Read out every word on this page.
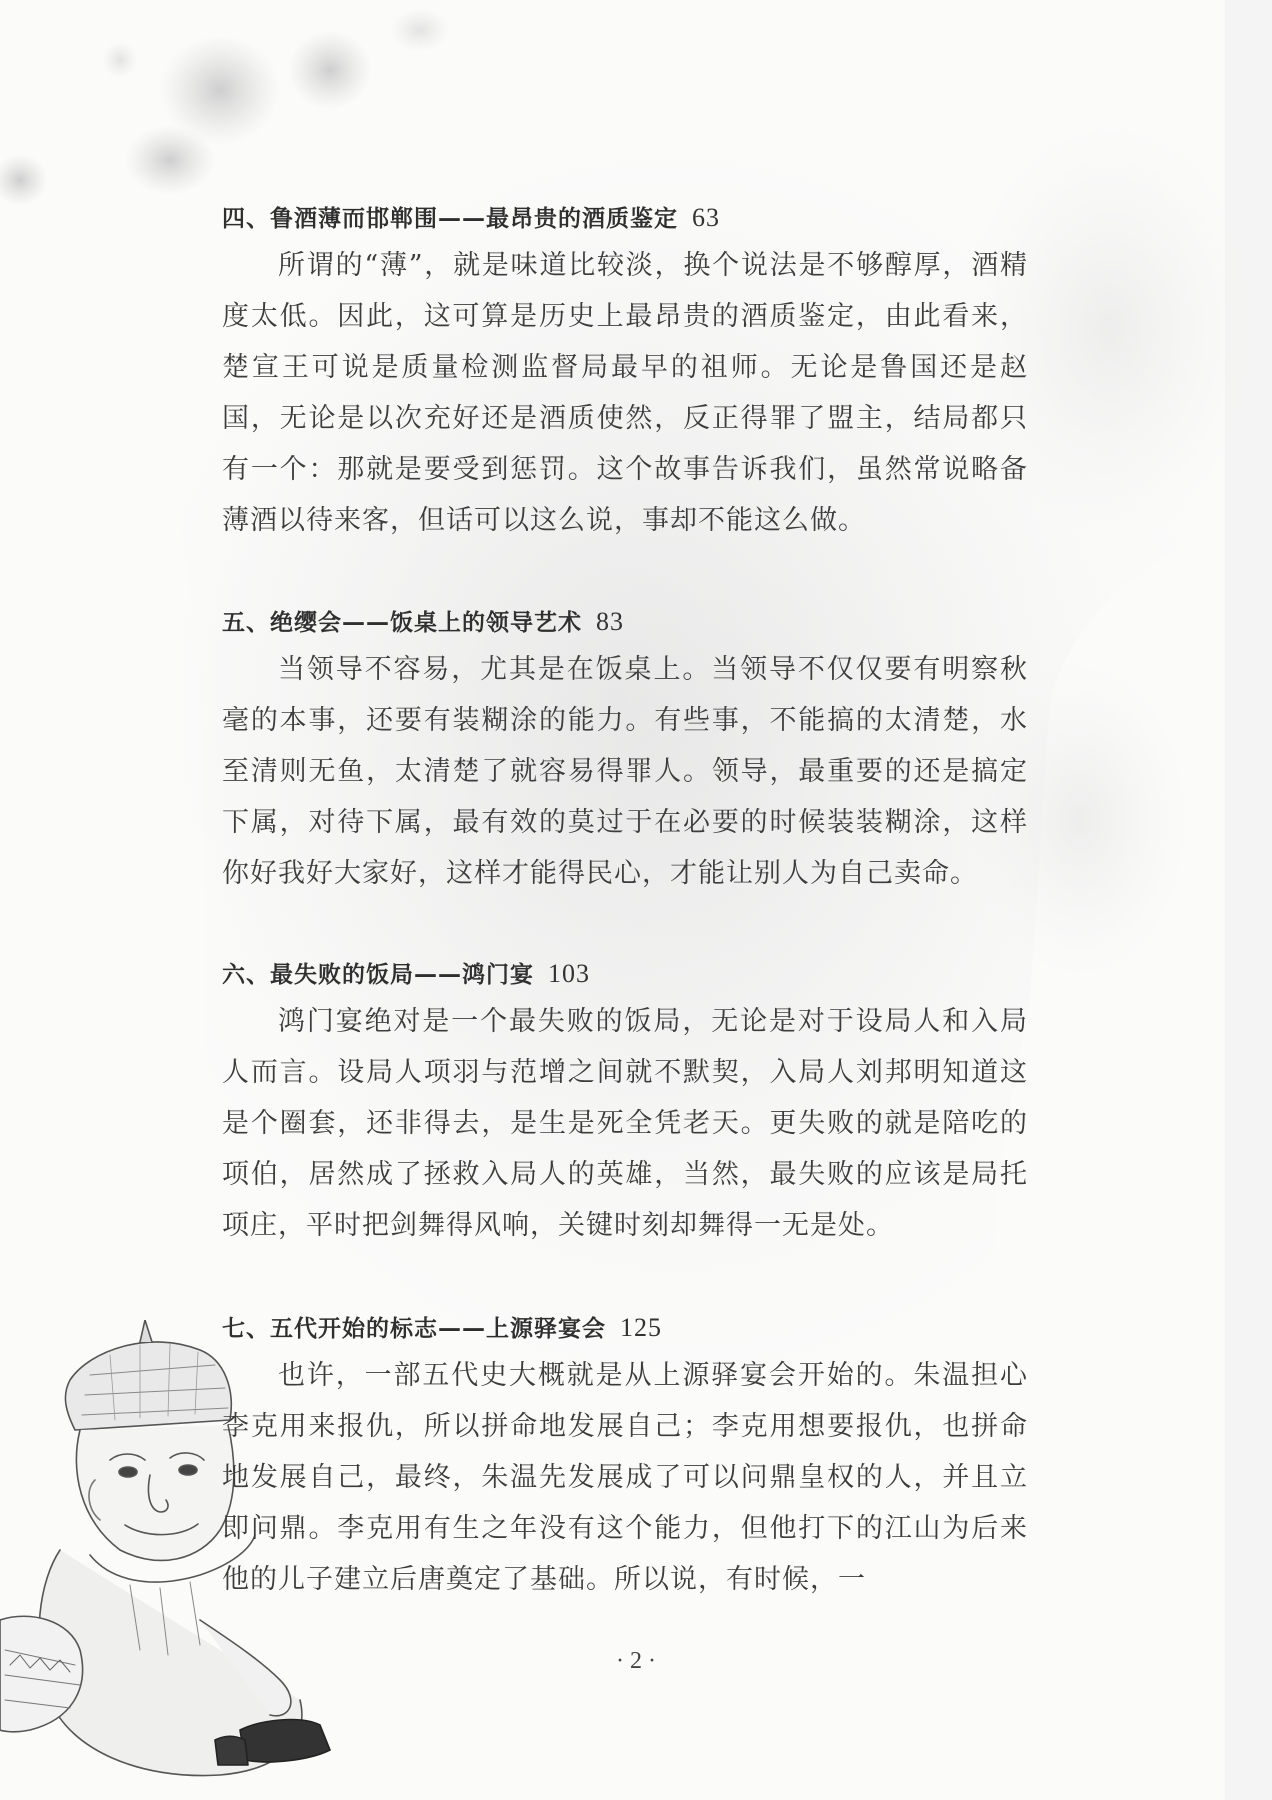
四、鲁酒薄而邯郸围——最昂贵的酒质鉴定 63

所谓的“薄”，就是味道比较淡，换个说法是不够醇厚，酒精度太低。因此，这可算是历史上最昂贵的酒质鉴定，由此看来，楚宣王可说是质量检测监督局最早的祖师。无论是鲁国还是赵国，无论是以次充好还是酒质使然，反正得罪了盟主，结局都只有一个：那就是要受到惩罚。这个故事告诉我们，虽然常说略备薄酒以待来客，但话可以这么说，事却不能这么做。

五、绝缨会——饭桌上的领导艺术 83

当领导不容易，尤其是在饭桌上。当领导不仅仅要有明察秋毫的本事，还要有装糊涂的能力。有些事，不能搞的太清楚，水至清则无鱼，太清楚了就容易得罪人。领导，最重要的还是搞定下属，对待下属，最有效的莫过于在必要的时候装装糊涂，这样你好我好大家好，这样才能得民心，才能让别人为自己卖命。

六、最失败的饭局——鸿门宴 103

鸿门宴绝对是一个最失败的饭局，无论是对于设局人和入局人而言。设局人项羽与范增之间就不默契，入局人刘邦明知道这是个圈套，还非得去，是生是死全凭老天。更失败的就是陪吃的项伯，居然成了拯救入局人的英雄，当然，最失败的应该是局托项庄，平时把剑舞得风响，关键时刻却舞得一无是处。

七、五代开始的标志——上源驿宴会 125

也许，一部五代史大概就是从上源驿宴会开始的。朱温担心李克用来报仇，所以拼命地发展自己；李克用想要报仇，也拼命地发展自己，最终，朱温先发展成了可以问鼎皇权的人，并且立即问鼎。李克用有生之年没有这个能力，但他打下的江山为后来他的儿子建立后唐奠定了基础。所以说，有时候，一

· 2 ·
